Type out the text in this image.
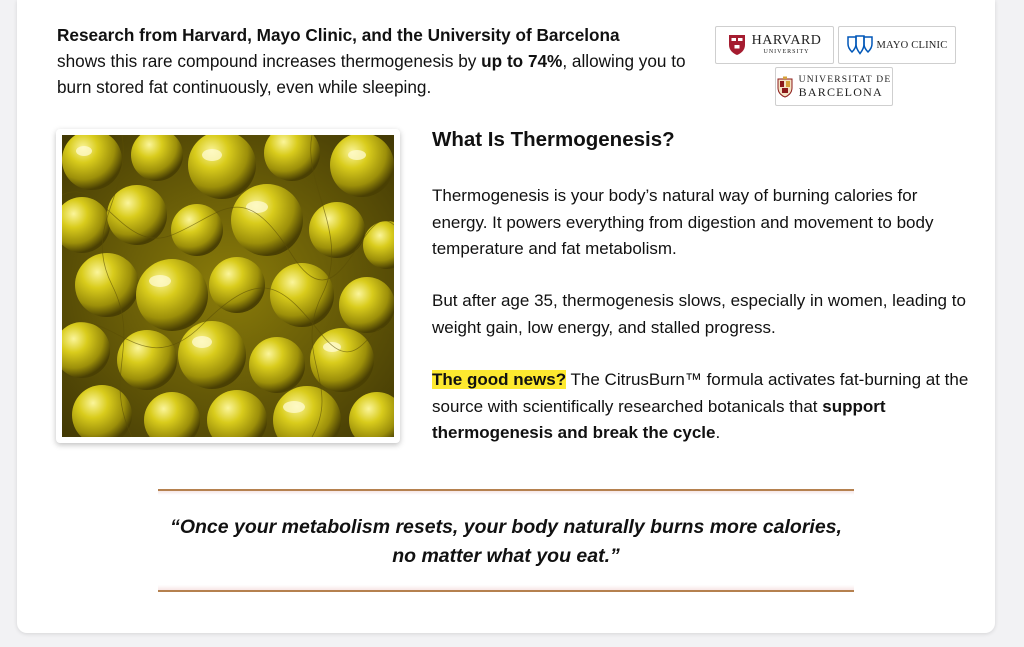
Research from Harvard, Mayo Clinic, and the University of Barcelona
shows this rare compound increases thermogenesis by up to 74%, allowing you to burn stored fat continuously, even while sleeping.
HARVARD
UNIVERSITY
MAYO CLINIC
UNIVERSITAT DE
BARCELONA
What Is Thermogenesis?
Thermogenesis is your body’s natural way of burning calories for energy. It powers everything from digestion and movement to body temperature and fat metabolism.
But after age 35, thermogenesis slows, especially in women, leading to weight gain, low energy, and stalled progress.
The good news? The CitrusBurn™ formula activates fat-burning at the source with scientifically researched botanicals that support thermogenesis and break the cycle.
“Once your metabolism resets, your body naturally burns more calories,
no matter what you eat.”
